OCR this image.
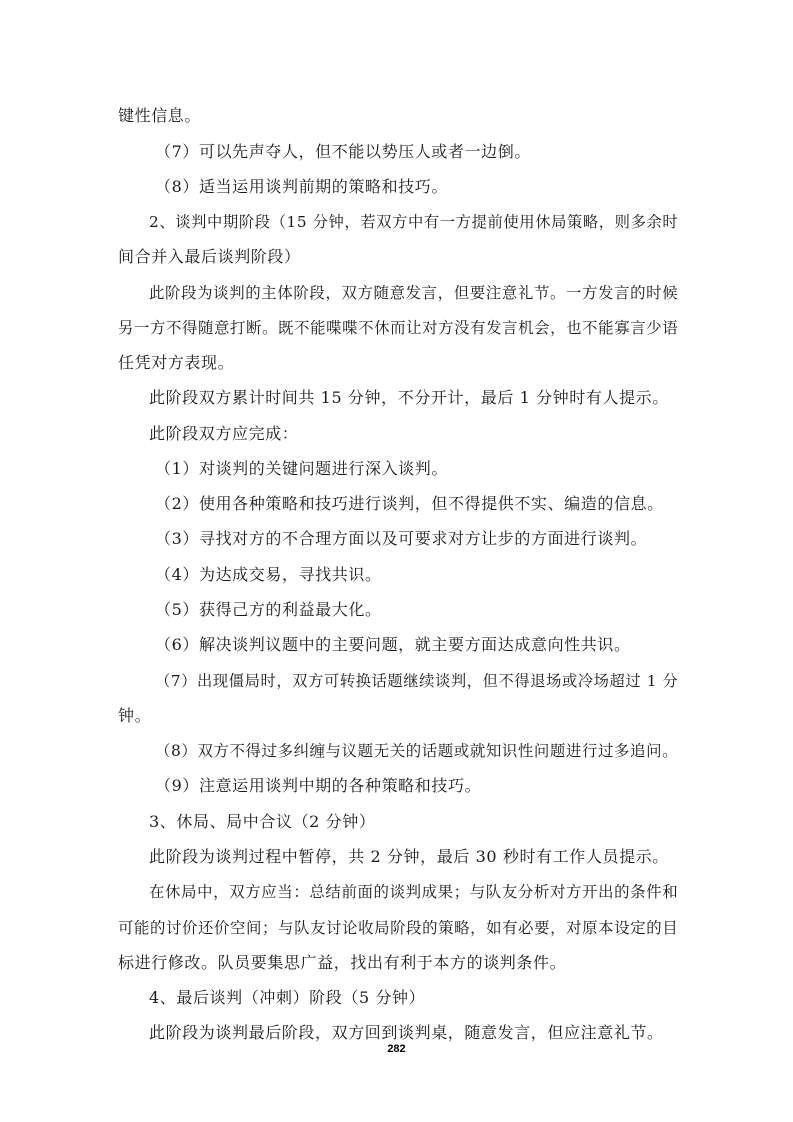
键性信息。
（7）可以先声夺人，但不能以势压人或者一边倒。
（8）适当运用谈判前期的策略和技巧。
2、谈判中期阶段（15 分钟，若双方中有一方提前使用休局策略，则多余时
间合并入最后谈判阶段）
此阶段为谈判的主体阶段，双方随意发言，但要注意礼节。一方发言的时候
另一方不得随意打断。既不能喋喋不休而让对方没有发言机会，也不能寡言少语
任凭对方表现。
此阶段双方累计时间共 15 分钟，不分开计，最后 1 分钟时有人提示。
此阶段双方应完成：
（1）对谈判的关键问题进行深入谈判。
（2）使用各种策略和技巧进行谈判，但不得提供不实、编造的信息。
（3）寻找对方的不合理方面以及可要求对方让步的方面进行谈判。
（4）为达成交易，寻找共识。
（5）获得己方的利益最大化。
（6）解决谈判议题中的主要问题，就主要方面达成意向性共识。
（7）出现僵局时，双方可转换话题继续谈判，但不得退场或冷场超过 1 分
钟。
（8）双方不得过多纠缠与议题无关的话题或就知识性问题进行过多追问。
（9）注意运用谈判中期的各种策略和技巧。
3、休局、局中合议（2 分钟）
此阶段为谈判过程中暂停，共 2 分钟，最后 30 秒时有工作人员提示。
在休局中，双方应当：总结前面的谈判成果；与队友分析对方开出的条件和
可能的讨价还价空间；与队友讨论收局阶段的策略，如有必要，对原本设定的目
标进行修改。队员要集思广益，找出有利于本方的谈判条件。
4、最后谈判（冲刺）阶段（5 分钟）
此阶段为谈判最后阶段，双方回到谈判桌，随意发言，但应注意礼节。
282
